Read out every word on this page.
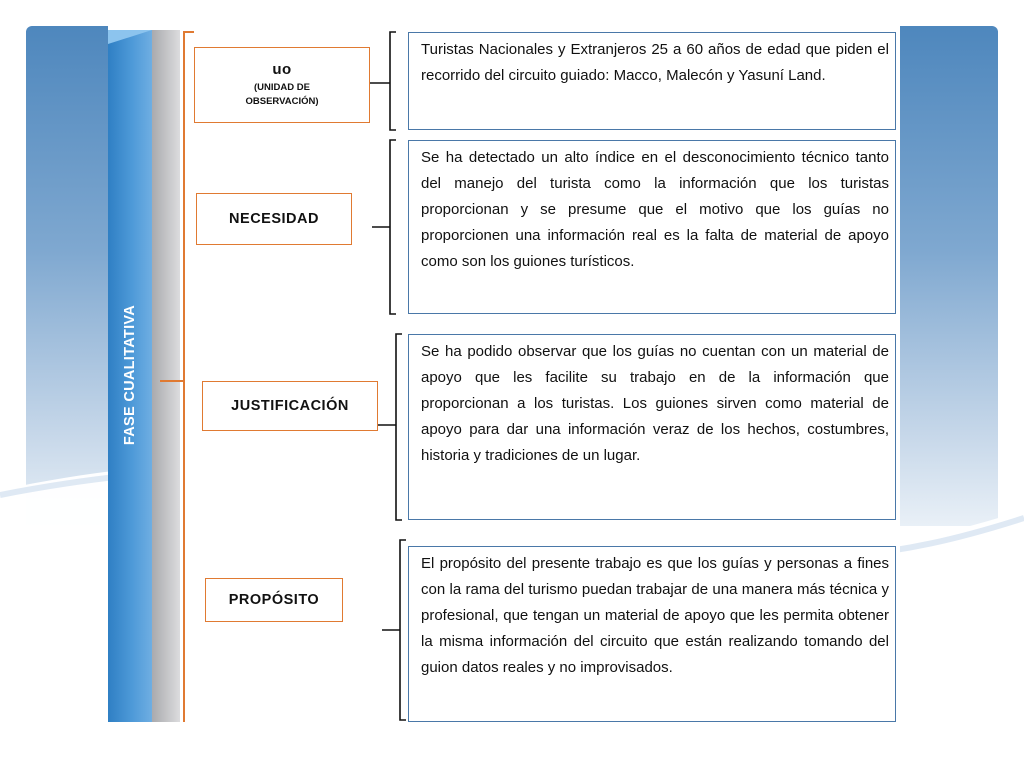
FASE CUALITATIVA
uo
(UNIDAD DE OBSERVACIÓN)
NECESIDAD
JUSTIFICACIÓN
PROPÓSITO
Turistas Nacionales y Extranjeros 25 a 60 años de edad que piden el recorrido del circuito guiado: Macco, Malecón y Yasuní Land.
Se ha detectado un alto índice en el desconocimiento técnico tanto del manejo del turista como la información que los turistas proporcionan y se presume que el motivo que los guías no proporcionen una información real es la falta de material de apoyo como son los guiones turísticos.
Se ha podido observar que los guías no cuentan con un material de apoyo que les facilite su trabajo en de la información que proporcionan a los turistas. Los guiones sirven como material de apoyo para dar una información veraz de los hechos, costumbres, historia y tradiciones de un lugar.
El propósito del presente trabajo es que los guías y personas a fines con la rama del turismo puedan trabajar de una manera más técnica y profesional, que tengan un material de apoyo que les permita obtener la misma información del circuito que están realizando tomando del guion datos reales y no improvisados.
